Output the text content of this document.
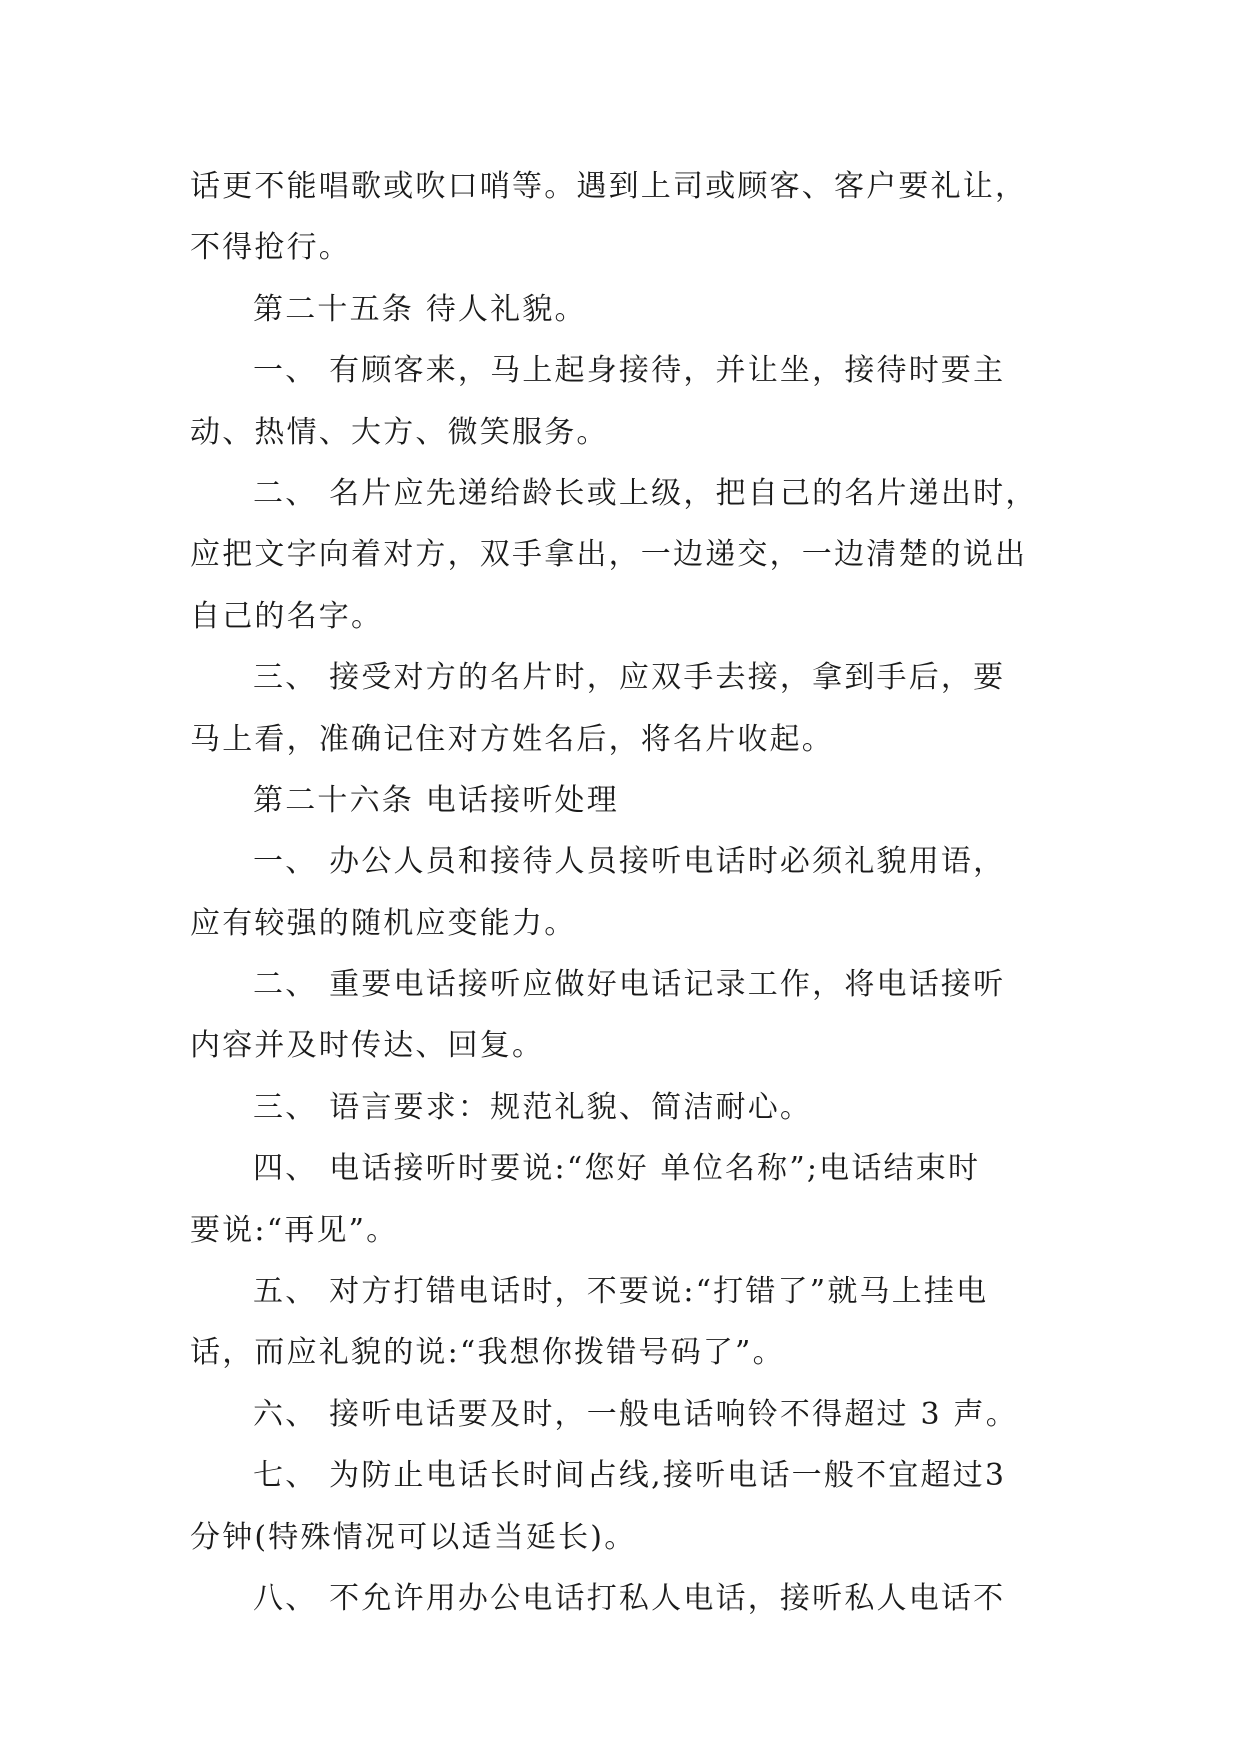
话更不能唱歌或吹口哨等。遇到上司或顾客、客户要礼让，
不得抢行。
第二十五条 待人礼貌。
一、 有顾客来，马上起身接待，并让坐，接待时要主
动、热情、大方、微笑服务。
二、 名片应先递给龄长或上级，把自己的名片递出时，
应把文字向着对方，双手拿出，一边递交，一边清楚的说出
自己的名字。
三、 接受对方的名片时，应双手去接，拿到手后，要
马上看，准确记住对方姓名后，将名片收起。
第二十六条 电话接听处理
一、 办公人员和接待人员接听电话时必须礼貌用语，
应有较强的随机应变能力。
二、 重要电话接听应做好电话记录工作，将电话接听
内容并及时传达、回复。
三、 语言要求：规范礼貌、简洁耐心。
四、 电话接听时要说:“您好 单位名称”;电话结束时
要说:“再见”。
五、 对方打错电话时，不要说:“打错了”就马上挂电
话，而应礼貌的说:“我想你拨错号码了”。
六、 接听电话要及时，一般电话响铃不得超过 3 声。
七、 为防止电话长时间占线,接听电话一般不宜超过3
分钟(特殊情况可以适当延长)。
八、 不允许用办公电话打私人电话，接听私人电话不
